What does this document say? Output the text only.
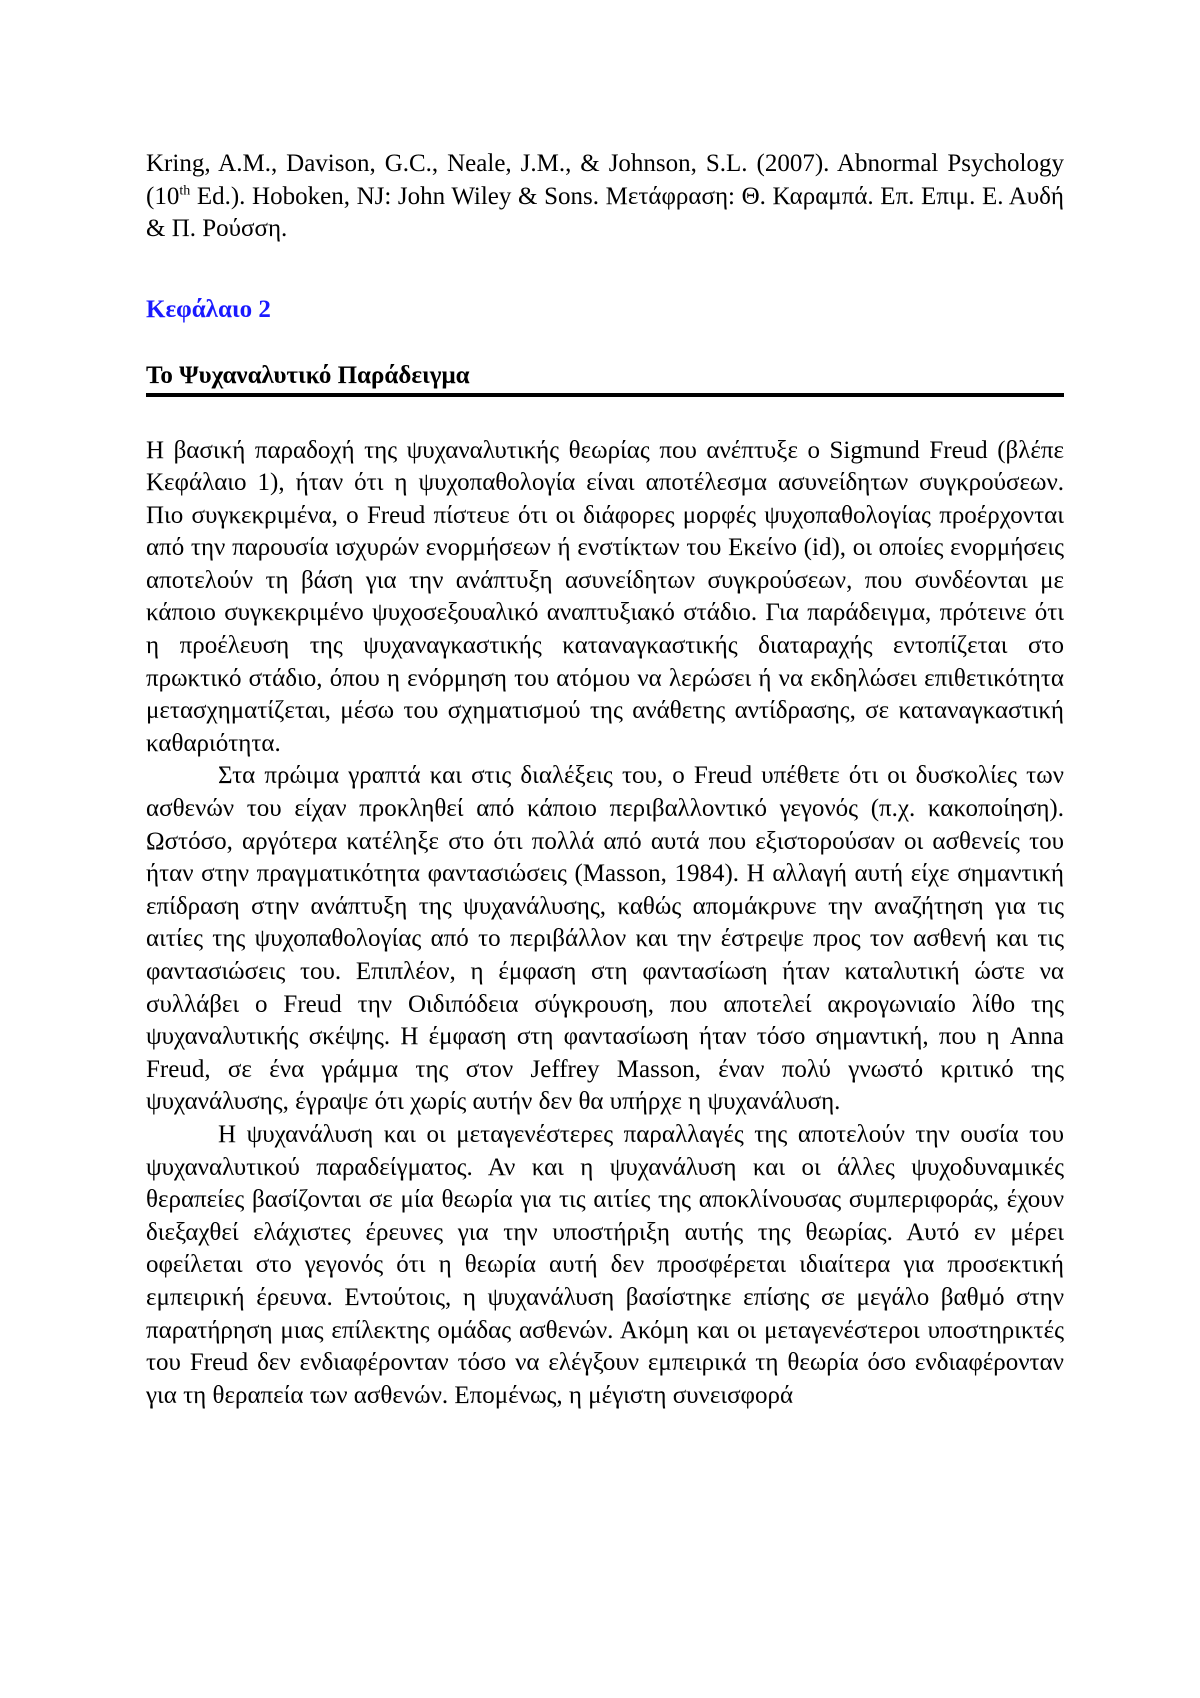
Kring, A.M., Davison, G.C., Neale, J.M., & Johnson, S.L. (2007). Abnormal Psychology (10th Ed.). Hoboken, NJ: John Wiley & Sons. Μετάφραση: Θ. Καραμπά. Επ. Επιμ. Ε. Αυδή & Π. Ρούσση.

Κεφάλαιο 2
Το Ψυχαναλυτικό Παράδειγμα

Η βασική παραδοχή της ψυχαναλυτικής θεωρίας που ανέπτυξε ο Sigmund Freud (βλέπε Κεφάλαιο 1), ήταν ότι η ψυχοπαθολογία είναι αποτέλεσμα ασυνείδητων συγκρούσεων. Πιο συγκεκριμένα, ο Freud πίστευε ότι οι διάφορες μορφές ψυχοπαθολογίας προέρχονται από την παρουσία ισχυρών ενορμήσεων ή ενστίκτων του Εκείνο (id), οι οποίες ενορμήσεις αποτελούν τη βάση για την ανάπτυξη ασυνείδητων συγκρούσεων, που συνδέονται με κάποιο συγκεκριμένο ψυχοσεξουαλικό αναπτυξιακό στάδιο. Για παράδειγμα, πρότεινε ότι η προέλευση της ψυχαναγκαστικής καταναγκαστικής διαταραχής εντοπίζεται στο πρωκτικό στάδιο, όπου η ενόρμηση του ατόμου να λερώσει ή να εκδηλώσει επιθετικότητα μετασχηματίζεται, μέσω του σχηματισμού της ανάθετης αντίδρασης, σε καταναγκαστική καθαριότητα.

Στα πρώιμα γραπτά και στις διαλέξεις του, ο Freud υπέθετε ότι οι δυσκολίες των ασθενών του είχαν προκληθεί από κάποιο περιβαλλοντικό γεγονός (π.χ. κακοποίηση). Ωστόσο, αργότερα κατέληξε στο ότι πολλά από αυτά που εξιστορούσαν οι ασθενείς του ήταν στην πραγματικότητα φαντασιώσεις (Masson, 1984). Η αλλαγή αυτή είχε σημαντική επίδραση στην ανάπτυξη της ψυχανάλυσης, καθώς απομάκρυνε την αναζήτηση για τις αιτίες της ψυχοπαθολογίας από το περιβάλλον και την έστρεψε προς τον ασθενή και τις φαντασιώσεις του. Επιπλέον, η έμφαση στη φαντασίωση ήταν καταλυτική ώστε να συλλάβει ο Freud την Οιδιπόδεια σύγκρουση, που αποτελεί ακρογωνιαίο λίθο της ψυχαναλυτικής σκέψης. Η έμφαση στη φαντασίωση ήταν τόσο σημαντική, που η Anna Freud, σε ένα γράμμα της στον Jeffrey Masson, έναν πολύ γνωστό κριτικό της ψυχανάλυσης, έγραψε ότι χωρίς αυτήν δεν θα υπήρχε η ψυχανάλυση.

Η ψυχανάλυση και οι μεταγενέστερες παραλλαγές της αποτελούν την ουσία του ψυχαναλυτικού παραδείγματος. Αν και η ψυχανάλυση και οι άλλες ψυχοδυναμικές θεραπείες βασίζονται σε μία θεωρία για τις αιτίες της αποκλίνουσας συμπεριφοράς, έχουν διεξαχθεί ελάχιστες έρευνες για την υποστήριξη αυτής της θεωρίας. Αυτό εν μέρει οφείλεται στο γεγονός ότι η θεωρία αυτή δεν προσφέρεται ιδιαίτερα για προσεκτική εμπειρική έρευνα. Εντούτοις, η ψυχανάλυση βασίστηκε επίσης σε μεγάλο βαθμό στην παρατήρηση μιας επίλεκτης ομάδας ασθενών. Ακόμη και οι μεταγενέστεροι υποστηρικτές του Freud δεν ενδιαφέρονταν τόσο να ελέγξουν εμπειρικά τη θεωρία όσο ενδιαφέρονταν για τη θεραπεία των ασθενών. Επομένως, η μέγιστη συνεισφορά
